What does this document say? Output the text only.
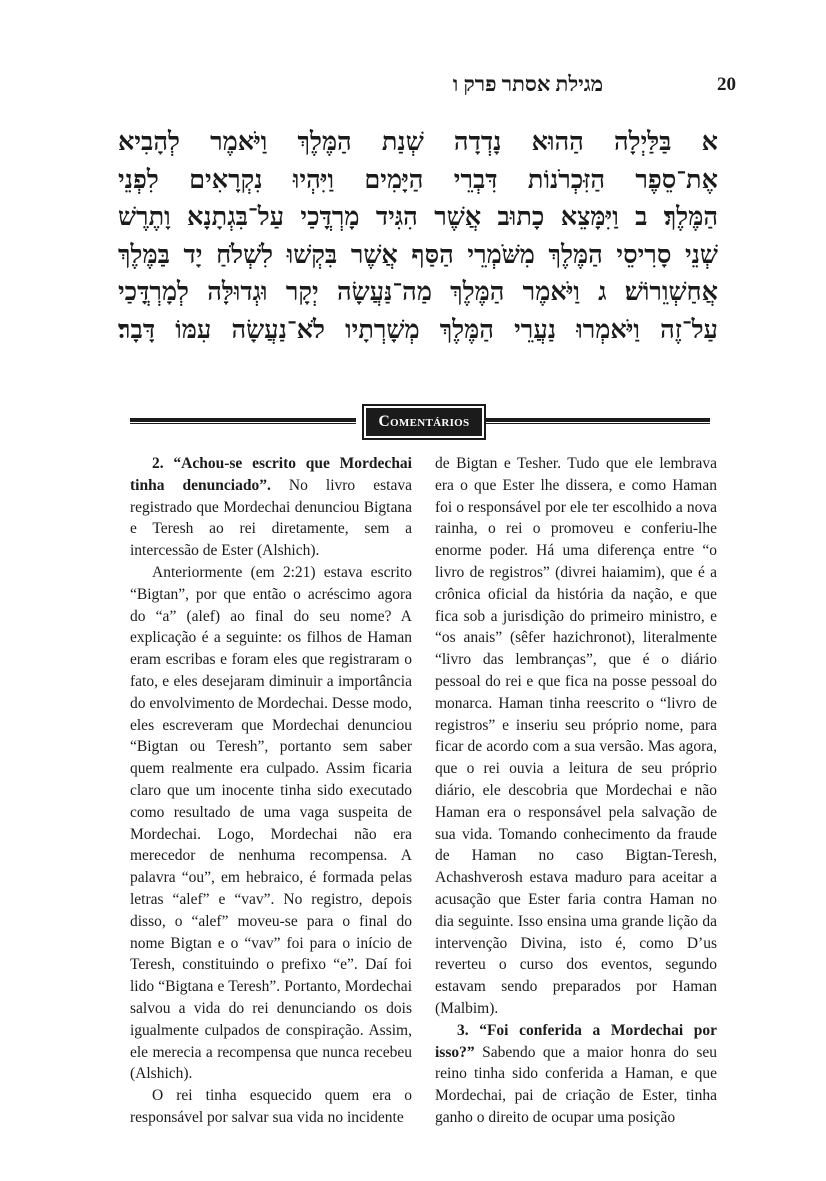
מגילת אסתר פרק ו	20
א בַּלַּיְלָה הַהוּא נָדְדָה שְׁנַת הַמֶּלֶךְ וַיֹּאמֶר לְהָבִיא
אֶת־סֵפֶר הַזִּכְרֹנוֹת דִּבְרֵי הַיָּמִים וַיִּהְיוּ נִקְרָאִים לִפְנֵי
הַמֶּלֶךְ׃ ב וַיִּמָּצֵא כָתוּב אֲשֶׁר הִגִּיד מָרְדֳּכַי עַל־בִּגְתָנָא וָתֶרֶשׁ
שְׁנֵי סָרִיסֵי הַמֶּלֶךְ מִשֹּׁמְרֵי הַסַּף אֲשֶׁר בִּקְשׁוּ לִשְׁלֹחַ יָד בַּמֶּלֶךְ
אֲחַשְׁוֵרוֹשׁ׃ ג וַיֹּאמֶר הַמֶּלֶךְ מַה־נַּעֲשָׂה יְקָר וּגְדוּלָּה לְמָרְדֳּכַי
עַל־זֶה וַיֹּאמְרוּ נַעֲרֵי הַמֶּלֶךְ מְשָׁרְתָיו לֹא־נַעֲשָׂה עִמּוֹ דָּבָר׃
Comentários

2. “Achou-se escrito que Mordechai tinha denunciado”. No livro estava registrado que Mordechai denunciou Bigtana e Teresh ao rei diretamente, sem a intercessão de Ester (Alshich).

Anteriormente (em 2:21) estava escrito “Bigtan”, por que então o acréscimo agora do “a” (alef) ao final do seu nome? A explicação é a seguinte: os filhos de Haman eram escribas e foram eles que registraram o fato, e eles desejaram diminuir a importância do envolvimento de Mordechai. Desse modo, eles escreveram que Mordechai denunciou “Bigtan ou Teresh”, portanto sem saber quem realmente era culpado. Assim ficaria claro que um inocente tinha sido executado como resultado de uma vaga suspeita de Mordechai. Logo, Mordechai não era merecedor de nenhuma recompensa. A palavra “ou”, em hebraico, é formada pelas letras “alef” e “vav”. No registro, depois disso, o “alef” moveu-se para o final do nome Bigtan e o “vav” foi para o início de Teresh, constituindo o prefixo “e”. Daí foi lido “Bigtana e Teresh”. Portanto, Mordechai salvou a vida do rei denunciando os dois igualmente culpados de conspiração. Assim, ele merecia a recompensa que nunca recebeu (Alshich).

O rei tinha esquecido quem era o responsável por salvar sua vida no incidente

de Bigtan e Tesher. Tudo que ele lembrava era o que Ester lhe dissera, e como Haman foi o responsável por ele ter escolhido a nova rainha, o rei o promoveu e conferiu-lhe enorme poder. Há uma diferença entre “o livro de registros” (divrei haiamim), que é a crônica oficial da história da nação, e que fica sob a jurisdição do primeiro ministro, e “os anais” (sêfer hazichronot), literalmente “livro das lembranças”, que é o diário pessoal do rei e que fica na posse pessoal do monarca. Haman tinha reescrito o “livro de registros” e inseriu seu próprio nome, para ficar de acordo com a sua versão. Mas agora, que o rei ouvia a leitura de seu próprio diário, ele descobria que Mordechai e não Haman era o responsável pela salvação de sua vida. Tomando conhecimento da fraude de Haman no caso Bigtan-Teresh, Achashverosh estava maduro para aceitar a acusação que Ester faria contra Haman no dia seguinte. Isso ensina uma grande lição da intervenção Divina, isto é, como D’us reverteu o curso dos eventos, segundo estavam sendo preparados por Haman (Malbim).

3. “Foi conferida a Mordechai por isso?” Sabendo que a maior honra do seu reino tinha sido conferida a Haman, e que Mordechai, pai de criação de Ester, tinha ganho o direito de ocupar uma posição
